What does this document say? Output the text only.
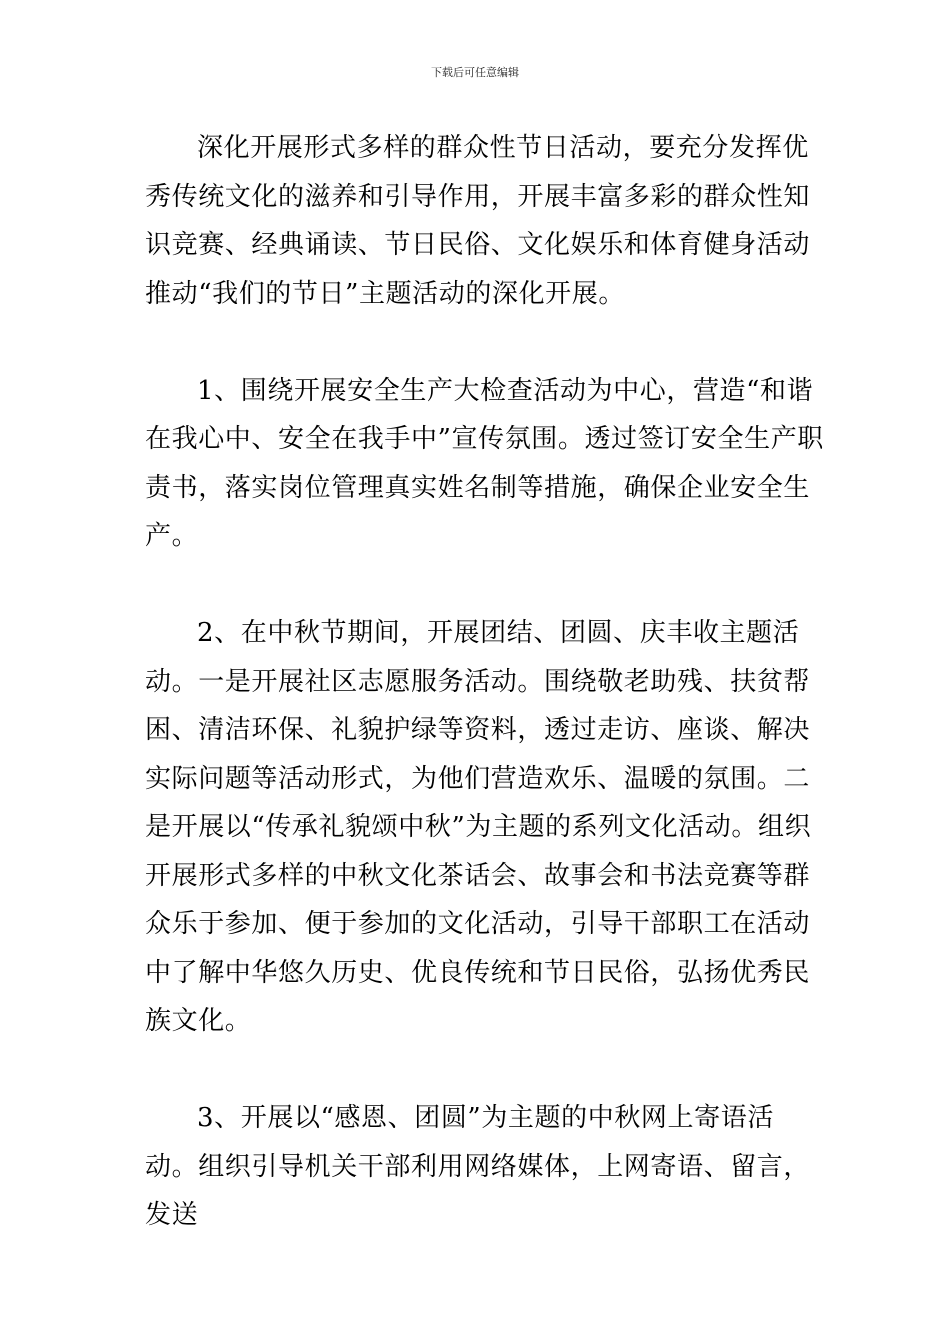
下载后可任意编辑

深化开展形式多样的群众性节日活动，要充分发挥优秀传统文化的滋养和引导作用，开展丰富多彩的群众性知识竞赛、经典诵读、节日民俗、文化娱乐和体育健身活动推动“我们的节日”主题活动的深化开展。

1、围绕开展安全生产大检查活动为中心，营造“和谐在我心中、安全在我手中”宣传氛围。透过签订安全生产职责书，落实岗位管理真实姓名制等措施，确保企业安全生产。

2、在中秋节期间，开展团结、团圆、庆丰收主题活动。一是开展社区志愿服务活动。围绕敬老助残、扶贫帮困、清洁环保、礼貌护绿等资料，透过走访、座谈、解决实际问题等活动形式，为他们营造欢乐、温暖的氛围。二是开展以“传承礼貌颂中秋”为主题的系列文化活动。组织开展形式多样的中秋文化茶话会、故事会和书法竞赛等群众乐于参加、便于参加的文化活动，引导干部职工在活动中了解中华悠久历史、优良传统和节日民俗，弘扬优秀民族文化。

3、开展以“感恩、团圆”为主题的中秋网上寄语活动。组织引导机关干部利用网络媒体，上网寄语、留言，发送
